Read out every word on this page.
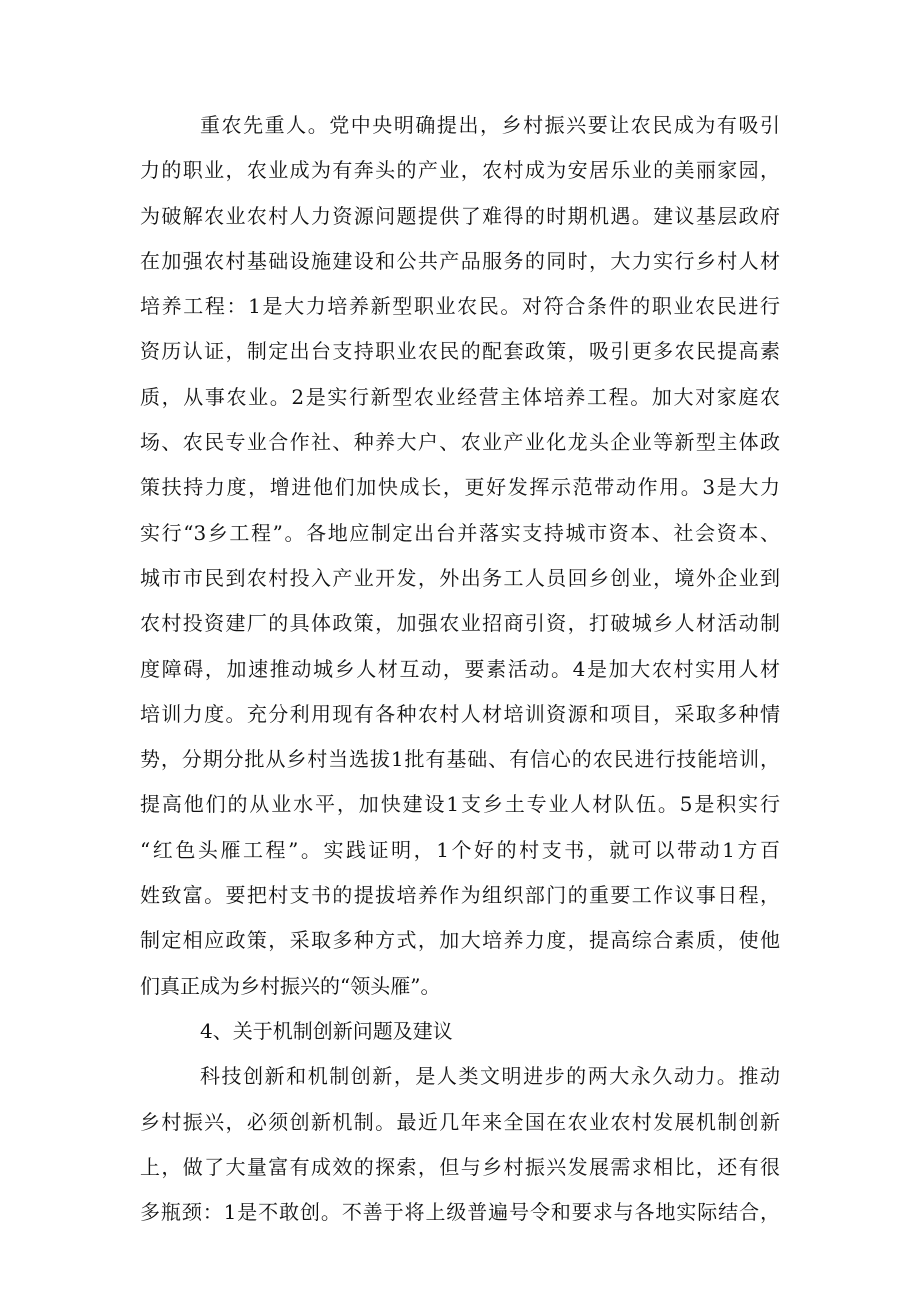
重农先重人。党中央明确提出，乡村振兴要让农民成为有吸引
力的职业，农业成为有奔头的产业，农村成为安居乐业的美丽家园，
为破解农业农村人力资源问题提供了难得的时期机遇。建议基层政府
在加强农村基础设施建设和公共产品服务的同时，大力实行乡村人材
培养工程：1是大力培养新型职业农民。对符合条件的职业农民进行
资历认证，制定出台支持职业农民的配套政策，吸引更多农民提高素
质，从事农业。2是实行新型农业经营主体培养工程。加大对家庭农
场、农民专业合作社、种养大户、农业产业化龙头企业等新型主体政
策扶持力度，增进他们加快成长，更好发挥示范带动作用。3是大力
实行“3乡工程”。各地应制定出台并落实支持城市资本、社会资本、
城市市民到农村投入产业开发，外出务工人员回乡创业，境外企业到
农村投资建厂的具体政策，加强农业招商引资，打破城乡人材活动制
度障碍，加速推动城乡人材互动，要素活动。4是加大农村实用人材
培训力度。充分利用现有各种农村人材培训资源和项目，采取多种情
势，分期分批从乡村当选拔1批有基础、有信心的农民进行技能培训，
提高他们的从业水平，加快建设1支乡土专业人材队伍。5是积实行
“红色头雁工程”。实践证明，1个好的村支书，就可以带动1方百
姓致富。要把村支书的提拔培养作为组织部门的重要工作议事日程，
制定相应政策，采取多种方式，加大培养力度，提高综合素质，使他
们真正成为乡村振兴的“领头雁”。
4、关于机制创新问题及建议
科技创新和机制创新，是人类文明进步的两大永久动力。推动
乡村振兴，必须创新机制。最近几年来全国在农业农村发展机制创新
上，做了大量富有成效的探索，但与乡村振兴发展需求相比，还有很
多瓶颈：1是不敢创。不善于将上级普遍号令和要求与各地实际结合，
